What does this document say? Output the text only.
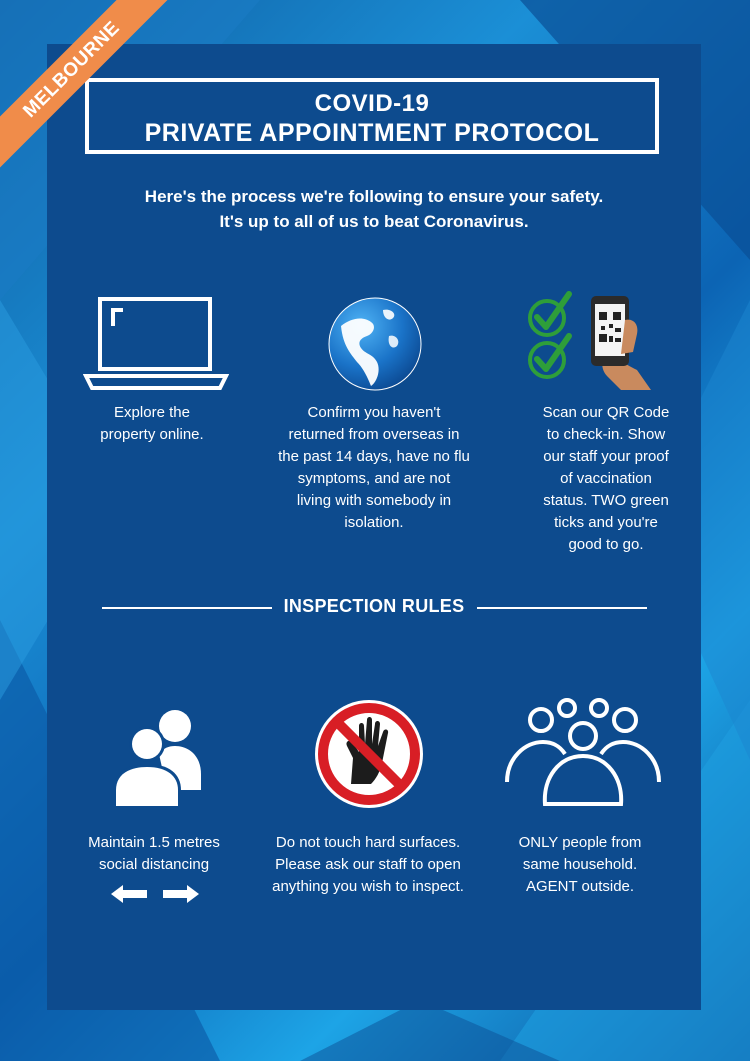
MELBOURNE	COVID-19
PRIVATE APPOINTMENT PROTOCOL
Here's the process we're following to ensure your safety.
It's up to all of us to beat Coronavirus.
Explore the
property online.
Confirm you haven't
returned from overseas in
the past 14 days, have no flu
symptoms, and are not
living with somebody in
isolation.
Scan our QR Code
to check-in. Show
our staff your proof
of vaccination
status. TWO green
ticks and you're
good to go.
INSPECTION RULES
Maintain 1.5 metres
social distancing
Do not touch hard surfaces.
Please ask our staff to open
anything you wish to inspect.
ONLY people from
same household.
AGENT outside.
